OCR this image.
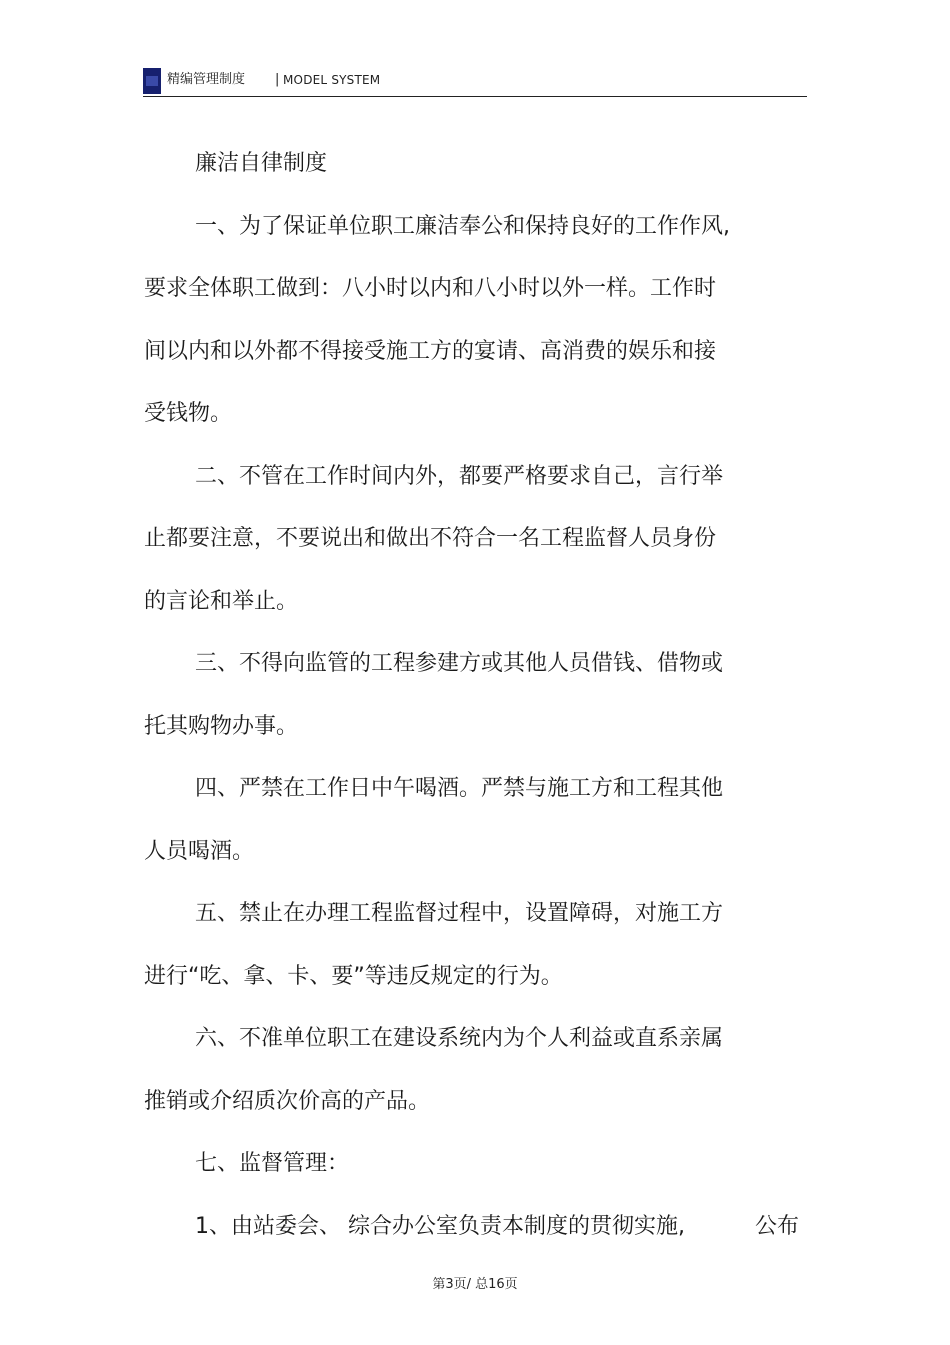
精编管理制度 | MODEL SYSTEM
廉洁自律制度
一、为了保证单位职工廉洁奉公和保持良好的工作作风,
要求全体职工做到：八小时以内和八小时以外一样。工作时
间以内和以外都不得接受施工方的宴请、高消费的娱乐和接
受钱物。
二、不管在工作时间内外，都要严格要求自己，言行举
止都要注意，不要说出和做出不符合一名工程监督人员身份
的言论和举止。
三、不得向监管的工程参建方或其他人员借钱、借物或
托其购物办事。
四、严禁在工作日中午喝酒。严禁与施工方和工程其他
人员喝酒。
五、禁止在办理工程监督过程中，设置障碍，对施工方
进行“吃、拿、卡、要”等违反规定的行为。
六、不准单位职工在建设系统内为个人利益或直系亲属
推销或介绍质次价高的产品。
七、监督管理：
1、由站委会、 综合办公室负责本制度的贯彻实施,	公布
第3页/ 总16页
